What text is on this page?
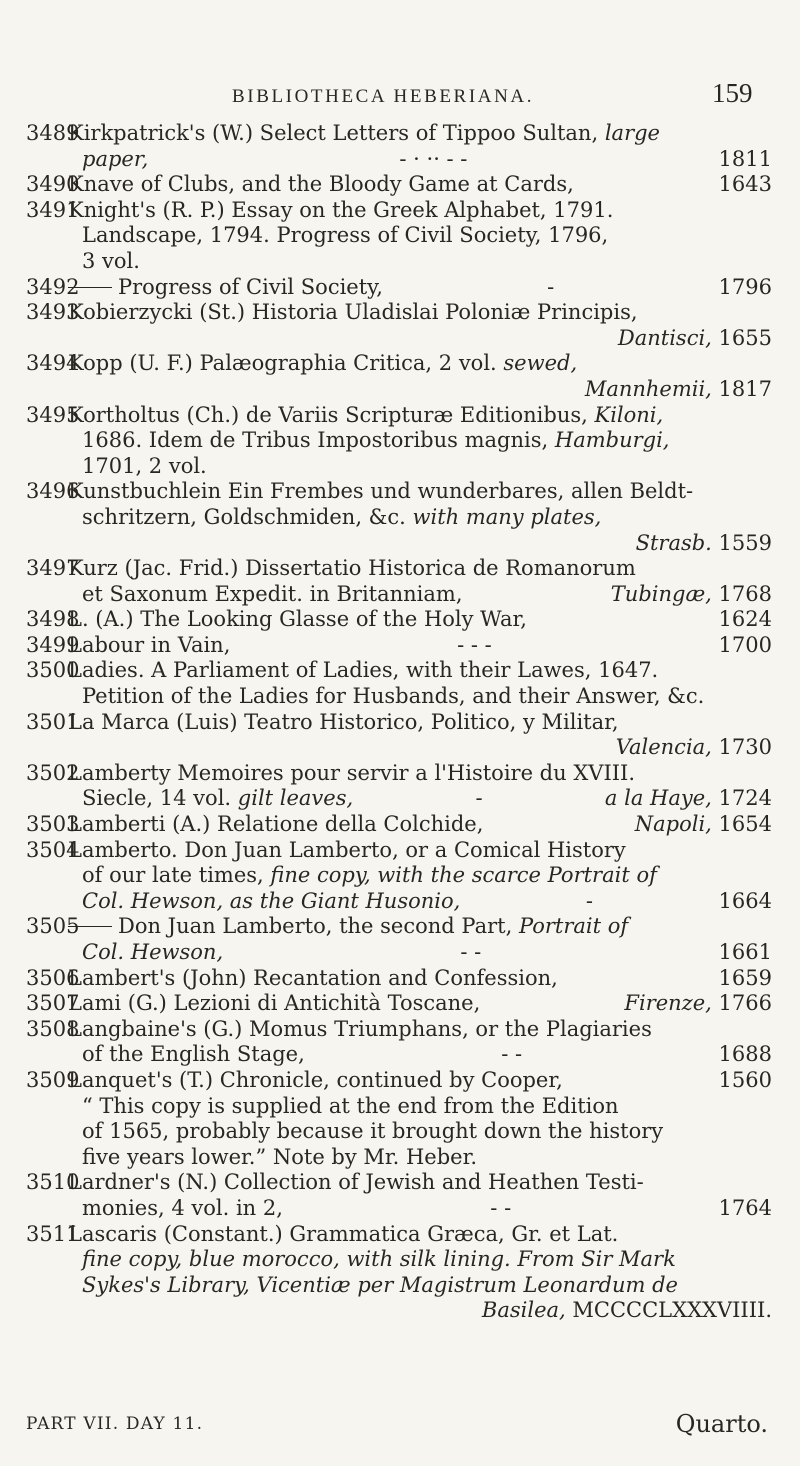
BIBLIOTHECA HEBERIANA.	159
3489
Kirkpatrick's (W.) Select Letters of Tippoo Sultan, large
paper,	- · ·· - -	1811
3490
Knave of Clubs, and the Bloody Game at Cards,	1643
3491
Knight's (R. P.) Essay on the Greek Alphabet, 1791.
Landscape, 1794. Progress of Civil Society, 1796,
3 vol.
3492	Progress of Civil Society,	-	1796
3493
Kobierzycki (St.) Historia Uladislai Poloniæ Principis,
Dantisci, 1655
3494
Kopp (U. F.) Palæographia Critica, 2 vol. sewed,
Mannhemii, 1817
3495
Kortholtus (Ch.) de Variis Scripturæ Editionibus, Kiloni,
1686. Idem de Tribus Impostoribus magnis, Hamburgi,
1701, 2 vol.
3496
Kunstbuchlein Ein Frembes und wunderbares, allen Beldt-
schritzern, Goldschmiden, &c. with many plates,
Strasb. 1559
3497
Kurz (Jac. Frid.) Dissertatio Historica de Romanorum
et Saxonum Expedit. in Britanniam,	Tubingæ, 1768
3498
L. (A.) The Looking Glasse of the Holy War,	1624
3499
Labour in Vain,	- - -	1700
3500
Ladies. A Parliament of Ladies, with their Lawes, 1647.
Petition of the Ladies for Husbands, and their Answer, &c.
3501
La Marca (Luis) Teatro Historico, Politico, y Militar,
Valencia, 1730
3502
Lamberty Memoires pour servir a l'Histoire du XVIII.
Siecle, 14 vol. gilt leaves,	-	a la Haye, 1724
3503
Lamberti (A.) Relatione della Colchide,	Napoli, 1654
3504
Lamberto. Don Juan Lamberto, or a Comical History
of our late times, fine copy, with the scarce Portrait of
Col. Hewson, as the Giant Husonio,	-	1664
3505	Don Juan Lamberto, the second Part, Portrait of
Col. Hewson,	- -	1661
3506
Lambert's (John) Recantation and Confession,	1659
3507
Lami (G.) Lezioni di Antichità Toscane,	Firenze, 1766
3508
Langbaine's (G.) Momus Triumphans, or the Plagiaries
of the English Stage,	- -	1688
3509
Lanquet's (T.) Chronicle, continued by Cooper,	1560
“ This copy is supplied at the end from the Edition
of 1565, probably because it brought down the history
five years lower.” Note by Mr. Heber.
3510
Lardner's (N.) Collection of Jewish and Heathen Testi-
monies, 4 vol. in 2,	- -	1764
3511
Lascaris (Constant.) Grammatica Græca, Gr. et Lat.
fine copy, blue morocco, with silk lining. From Sir Mark
Sykes's Library, Vicentiæ per Magistrum Leonardum de
Basilea, MCCCCLXXXVIIII.
PART VII. DAY 11.	Quarto.
